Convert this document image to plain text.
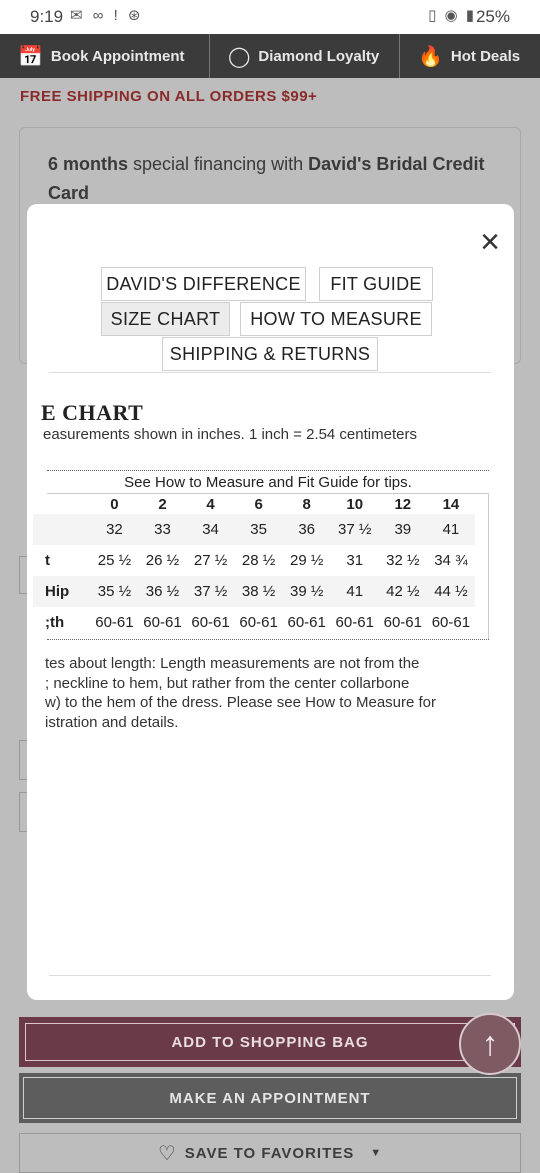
9:19 ✉ ∞ ! ⊛	▯ ◉ ▮ 25%
📅 Book Appointment ◯ Diamond Loyalty 🔥 Hot Deals
FREE SHIPPING ON ALL ORDERS $99+
6 months special financing with David's Bridal Credit Card
ADD TO SHOPPING BAG
MAKE AN APPOINTMENT
♡ SAVE TO FAVORITES ▼
↑
×
DAVID'S DIFFERENCE	FIT GUIDE
SIZE CHART	HOW TO MEASURE
SHIPPING & RETURNS
E CHART
easurements shown in inches. 1 inch = 2.54 centimeters
See How to Measure and Fit Guide for tips.
	0	2	4	6	8	10	12	14
	32	33	34	35	36	37 ½	39	41
t	25 ½	26 ½	27 ½	28 ½	29 ½	31	32 ½	34 ¾
Hip	35 ½	36 ½	37 ½	38 ½	39 ½	41	42 ½	44 ½
;th	60-61	60-61	60-61	60-61	60-61	60-61	60-61	60-61
tes about length: Length measurements are not from the
; neckline to hem, but rather from the center collarbone
w) to the hem of the dress. Please see How to Measure for
istration and details.
